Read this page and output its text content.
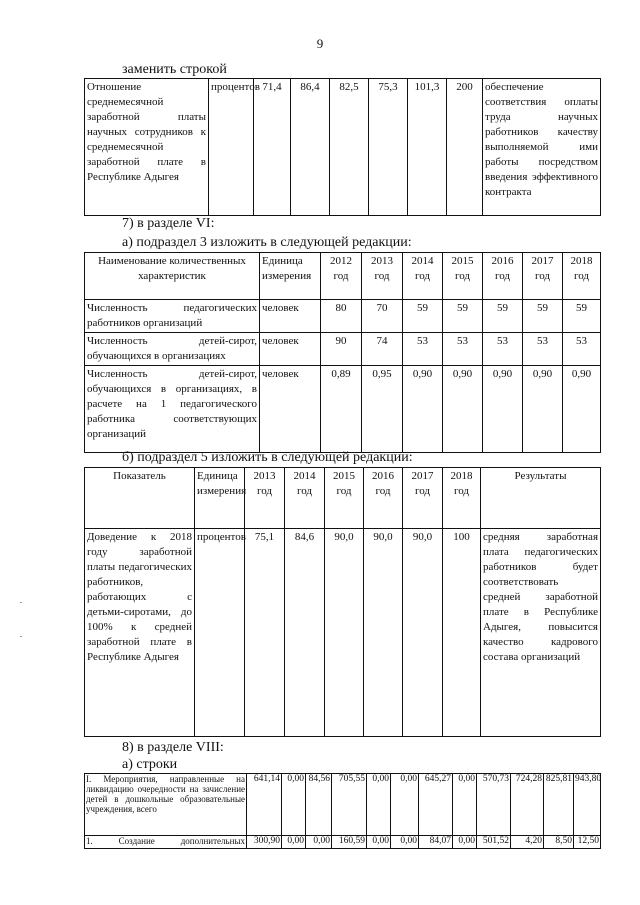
9
заменить строкой
Отношение среднемесячной заработной платы научных сотрудников к среднемесячной заработной плате в Республике Адыгея	процентов	71,4	86,4	82,5	75,3	101,3	200	обеспечение соответствия оплаты труда научных работников качеству выполняемой ими работы посредством введения эффективного контракта
7) в разделе VI:
а) подраздел 3 изложить в следующей редакции:
Наименование количественных характеристик	Единица измерения	2012 год	2013 год	2014 год	2015 год	2016 год	2017 год	2018 год
Численность педагогических работников организаций	человек	80	70	59	59	59	59	59
Численность детей-сирот, обучающихся в организациях	человек	90	74	53	53	53	53	53
Численность детей-сирот, обучающихся в организациях, в расчете на 1 педагогического работника соответствующих организаций	человек	0,89	0,95	0,90	0,90	0,90	0,90	0,90
б) подраздел 5 изложить в следующей редакции:
Показатель	Единица измерения	2013 год	2014 год	2015 год	2016 год	2017 год	2018 год	Результаты
Доведение к 2018 году заработной платы педагогических работников, работающих с детьми-сиротами, до 100% к средней заработной плате в Республике Адыгея	процентов	75,1	84,6	90,0	90,0	90,0	100	средняя заработная плата педагогических работников будет соответствовать средней заработной плате в Республике Адыгея, повысится качество кадрового состава организаций
8) в разделе VIII:
а) строки
I. Мероприятия, направленные на ликвидацию очередности на зачисление детей в дошкольные образовательные учреждения, всего	641,14	0,00	84,56	705,55	0,00	0,00	645,27	0,00	570,73	724,28	825,81	943,80
1. Создание дополнительных	300,90	0,00	0,00	160,59	0,00	0,00	84,07	0,00	501,52	4,20	8,50	12,50
